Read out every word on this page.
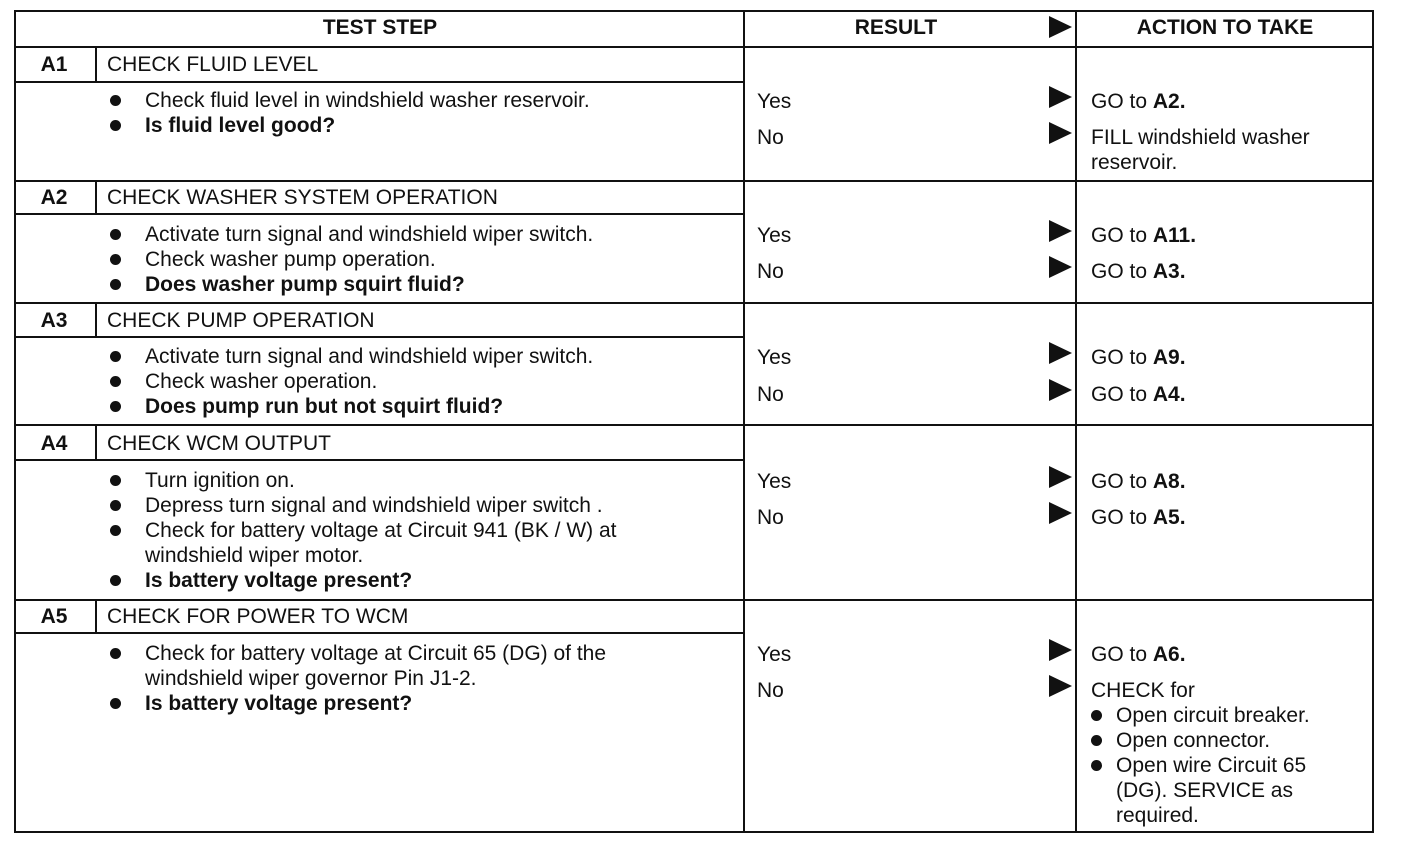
TEST STEP	RESULT	ACTION TO TAKE
A1	CHECK FLUID LEVEL
Check fluid level in windshield washer reservoir.
Is fluid level good?
Yes	GO to A2.
No	FILL windshield washer
reservoir.
A2	CHECK WASHER SYSTEM OPERATION
Activate turn signal and windshield wiper switch.
Check washer pump operation.
Does washer pump squirt fluid?
Yes	GO to A11.
No	GO to A3.
A3	CHECK PUMP OPERATION
Activate turn signal and windshield wiper switch.
Check washer operation.
Does pump run but not squirt fluid?
Yes	GO to A9.
No	GO to A4.
A4	CHECK WCM OUTPUT
Turn ignition on.
Depress turn signal and windshield wiper switch .
Check for battery voltage at Circuit 941 (BK / W) at
windshield wiper motor.
Is battery voltage present?
Yes	GO to A8.
No	GO to A5.
A5	CHECK FOR POWER TO WCM
Check for battery voltage at Circuit 65 (DG) of the
windshield wiper governor Pin J1-2.
Is battery voltage present?
Yes	GO to A6.
No	CHECK for
Open circuit breaker.
Open connector.
Open wire Circuit 65
(DG). SERVICE as
required.
